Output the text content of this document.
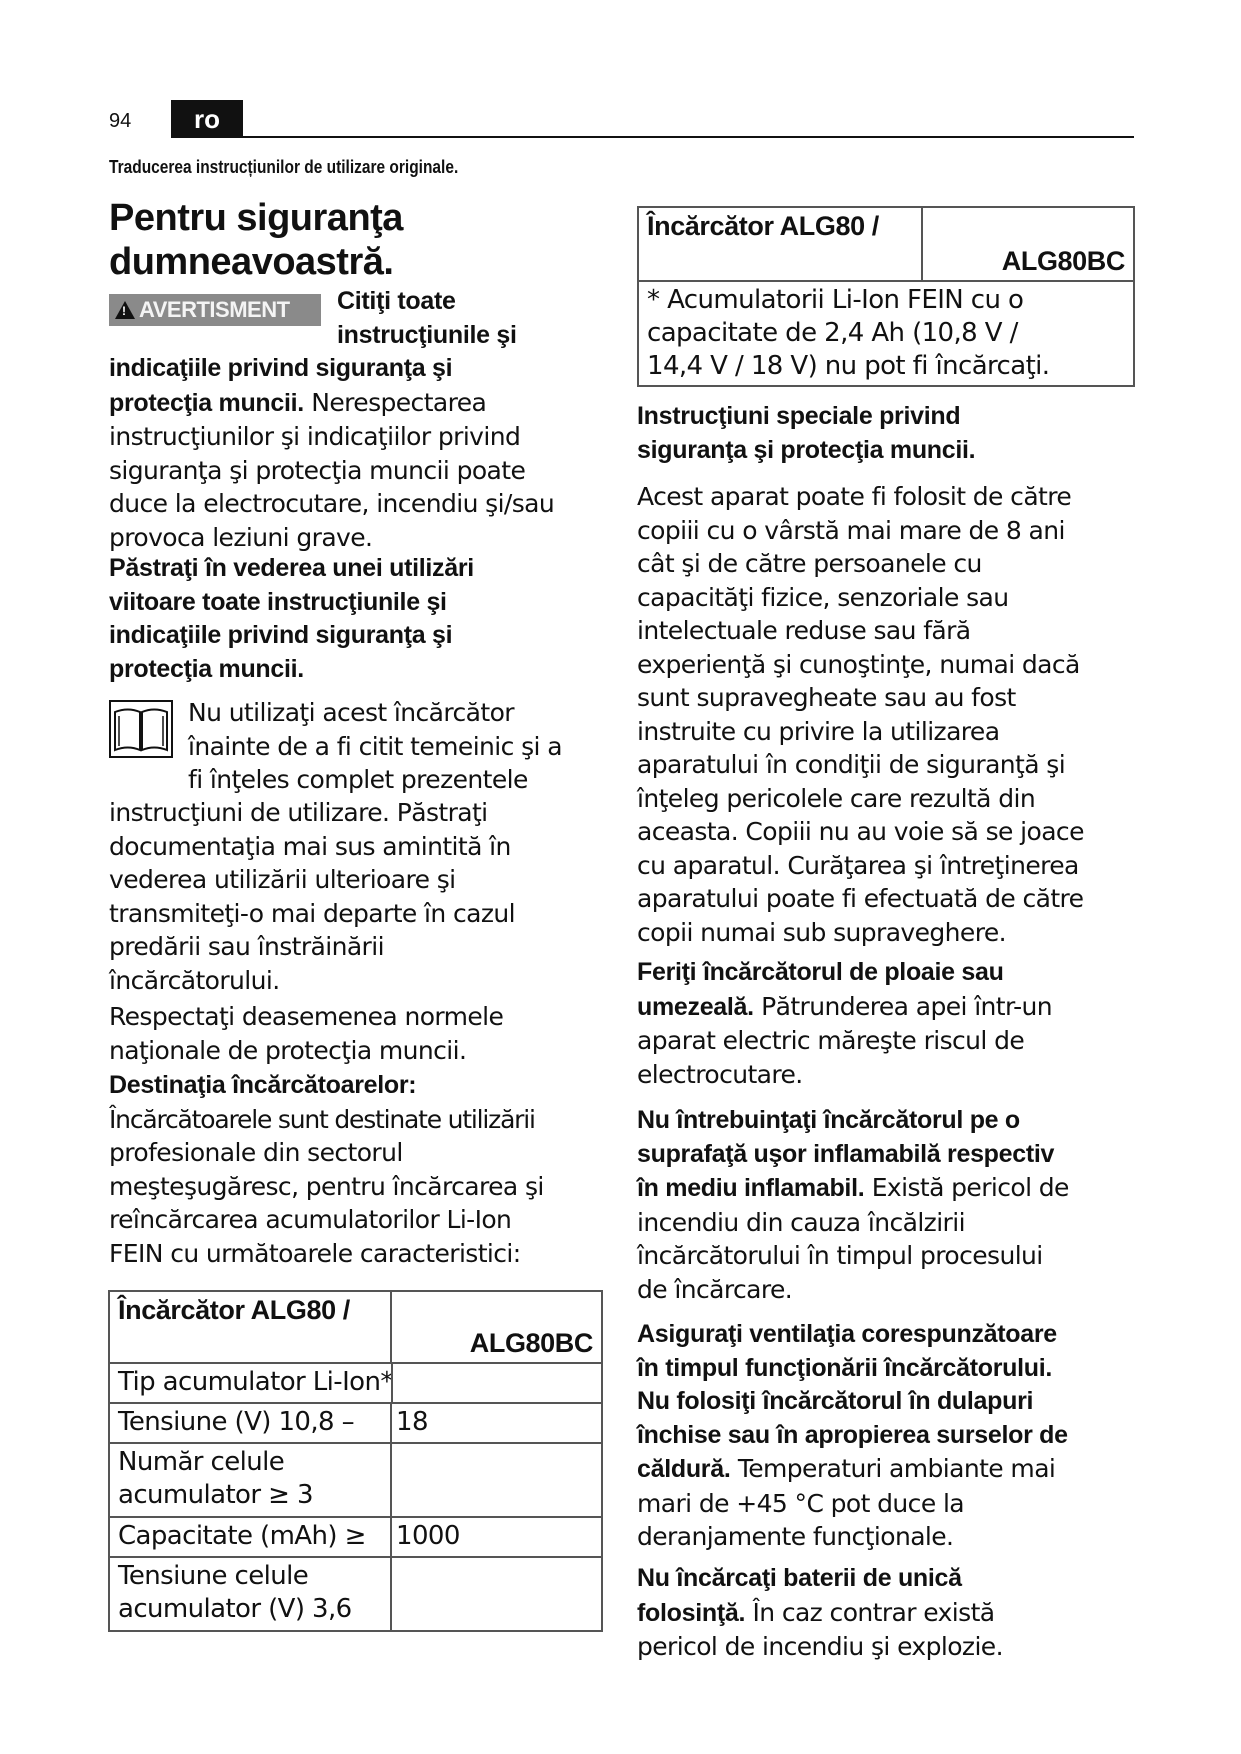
94	ro
Traducerea instrucțiunilor de utilizare originale.
Pentru siguranţa
dumneavoastră.
!AVERTISMENT	Citiţi toate
instrucţiunile şi
indicaţiile privind siguranţa şi
protecţia muncii. Nerespectarea
instrucţiunilor şi indicaţiilor privind
siguranţa şi protecţia muncii poate
duce la electrocutare, incendiu şi/sau
provoca leziuni grave.
Păstraţi în vederea unei utilizări
viitoare toate instrucţiunile şi
indicaţiile privind siguranţa şi
protecţia muncii.
Nu utilizaţi acest încărcător
înainte de a fi citit temeinic şi a
fi înţeles complet prezentele
instrucţiuni de utilizare. Păstraţi
documentaţia mai sus amintită în
vederea utilizării ulterioare şi
transmiteţi-o mai departe în cazul
predării sau înstrăinării
încărcătorului.
Respectaţi deasemenea normele
naţionale de protecţia muncii.
Destinaţia încărcătoarelor:
Încărcătoarele sunt destinate utilizării
profesionale din sectorul
meşteşugăresc, pentru încărcarea şi
reîncărcarea acumulatorilor Li-Ion
FEIN cu următoarele caracteristici:
Încărcător ALG80 /	ALG80BC
Tip acumulator Li-Ion*	

Tensiune (V) 10,8 –	18

Număr celule
acumulator ≥ 3	

Capacitate (mAh) ≥	1000

Tensiune celule
acumulator (V) 3,6	

Încărcător ALG80 /	ALG80BC

* Acumulatorii Li-Ion FEIN cu o
capacitate de 2,4 Ah (10,8 V /
14,4 V / 18 V) nu pot fi încărcaţi.
Instrucţiuni speciale privind
siguranţa şi protecţia muncii.
Acest aparat poate fi folosit de către
copiii cu o vârstă mai mare de 8 ani
cât şi de către persoanele cu
capacităţi fizice, senzoriale sau
intelectuale reduse sau fără
experienţă şi cunoştinţe, numai dacă
sunt supravegheate sau au fost
instruite cu privire la utilizarea
aparatului în condiţii de siguranţă şi
înţeleg pericolele care rezultă din
aceasta. Copiii nu au voie să se joace
cu aparatul. Curăţarea şi întreţinerea
aparatului poate fi efectuată de către
copii numai sub supraveghere.
Feriţi încărcătorul de ploaie sau
umezeală. Pătrunderea apei într-un
aparat electric măreşte riscul de
electrocutare.
Nu întrebuinţaţi încărcătorul pe o
suprafaţă uşor inflamabilă respectiv
în mediu inflamabil. Există pericol de
incendiu din cauza încălzirii
încărcătorului în timpul procesului
de încărcare.
Asiguraţi ventilaţia corespunzătoare
în timpul funcţionării încărcătorului.
Nu folosiţi încărcătorul în dulapuri
închise sau în apropierea surselor de
căldură. Temperaturi ambiante mai
mari de +45 °C pot duce la
deranjamente funcţionale.
Nu încărcaţi baterii de unică
folosinţă. În caz contrar există
pericol de incendiu şi explozie.
